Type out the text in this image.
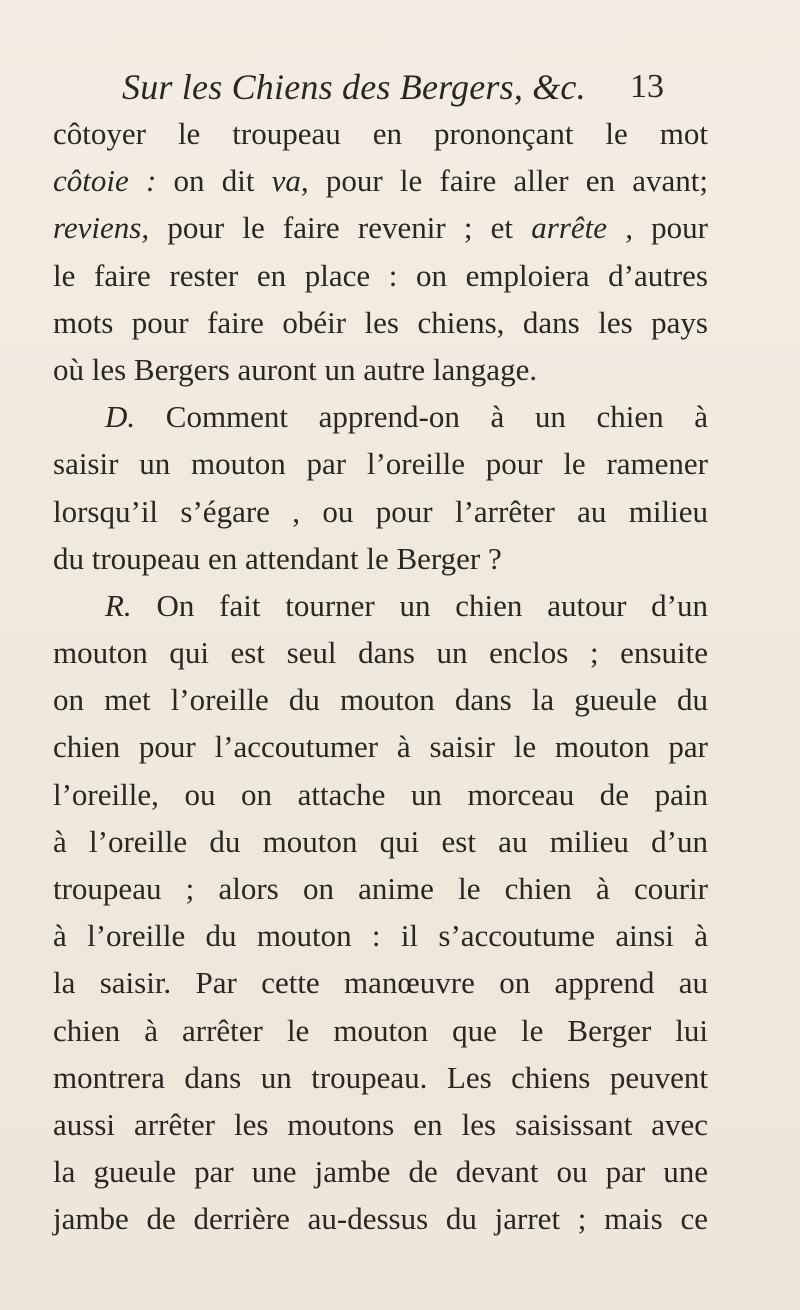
Sur les Chiens des Bergers, &c. 13
côtoyer le troupeau en prononçant le mot
côtoie : on dit va, pour le faire aller en avant;
reviens, pour le faire revenir ; et arrête , pour
le faire rester en place : on emploiera d’autres
mots pour faire obéir les chiens, dans les pays
où les Bergers auront un autre langage.
D. Comment apprend-on à un chien à
saisir un mouton par l’oreille pour le ramener
lorsqu’il s’égare , ou pour l’arrêter au milieu
du troupeau en attendant le Berger ?
R. On fait tourner un chien autour d’un
mouton qui est seul dans un enclos ; ensuite
on met l’oreille du mouton dans la gueule du
chien pour l’accoutumer à saisir le mouton par
l’oreille, ou on attache un morceau de pain
à l’oreille du mouton qui est au milieu d’un
troupeau ; alors on anime le chien à courir
à l’oreille du mouton : il s’accoutume ainsi à
la saisir. Par cette manœuvre on apprend au
chien à arrêter le mouton que le Berger lui
montrera dans un troupeau. Les chiens peuvent
aussi arrêter les moutons en les saisissant avec
la gueule par une jambe de devant ou par une
jambe de derrière au-dessus du jarret ; mais ce
